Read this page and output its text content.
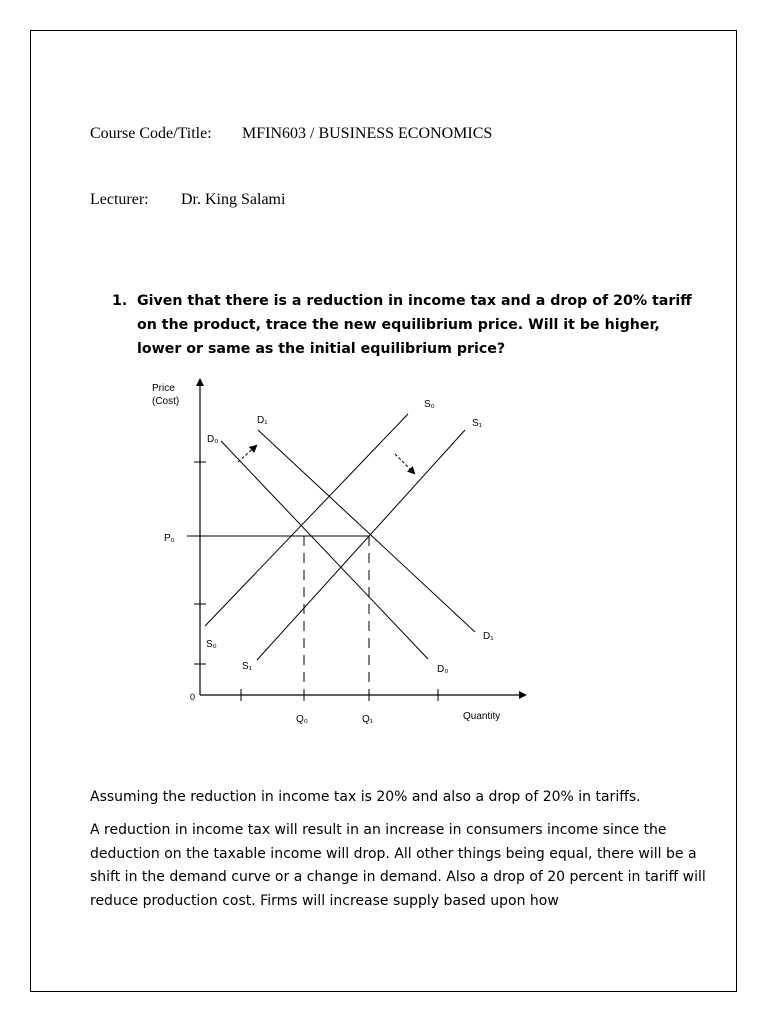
Course Code/Title: MFIN603 / BUSINESS ECONOMICS
Lecturer: Dr. King Salami
1. Given that there is a reduction in income tax and a drop of 20% tariff on the product, trace the new equilibrium price. Will it be higher, lower or same as the initial equilibrium price?
Price
(Cost)
Quantity
0
P₀
Q₀	Q₁
D₀
D₁
S₀
S₁
D₁
D₀
S₀
S₁
Assuming the reduction in income tax is 20% and also a drop of 20% in tariffs.
A reduction in income tax will result in an increase in consumers income since the deduction on the taxable income will drop. All other things being equal, there will be a shift in the demand curve or a change in demand. Also a drop of 20 percent in tariff will reduce production cost. Firms will increase supply based upon how
